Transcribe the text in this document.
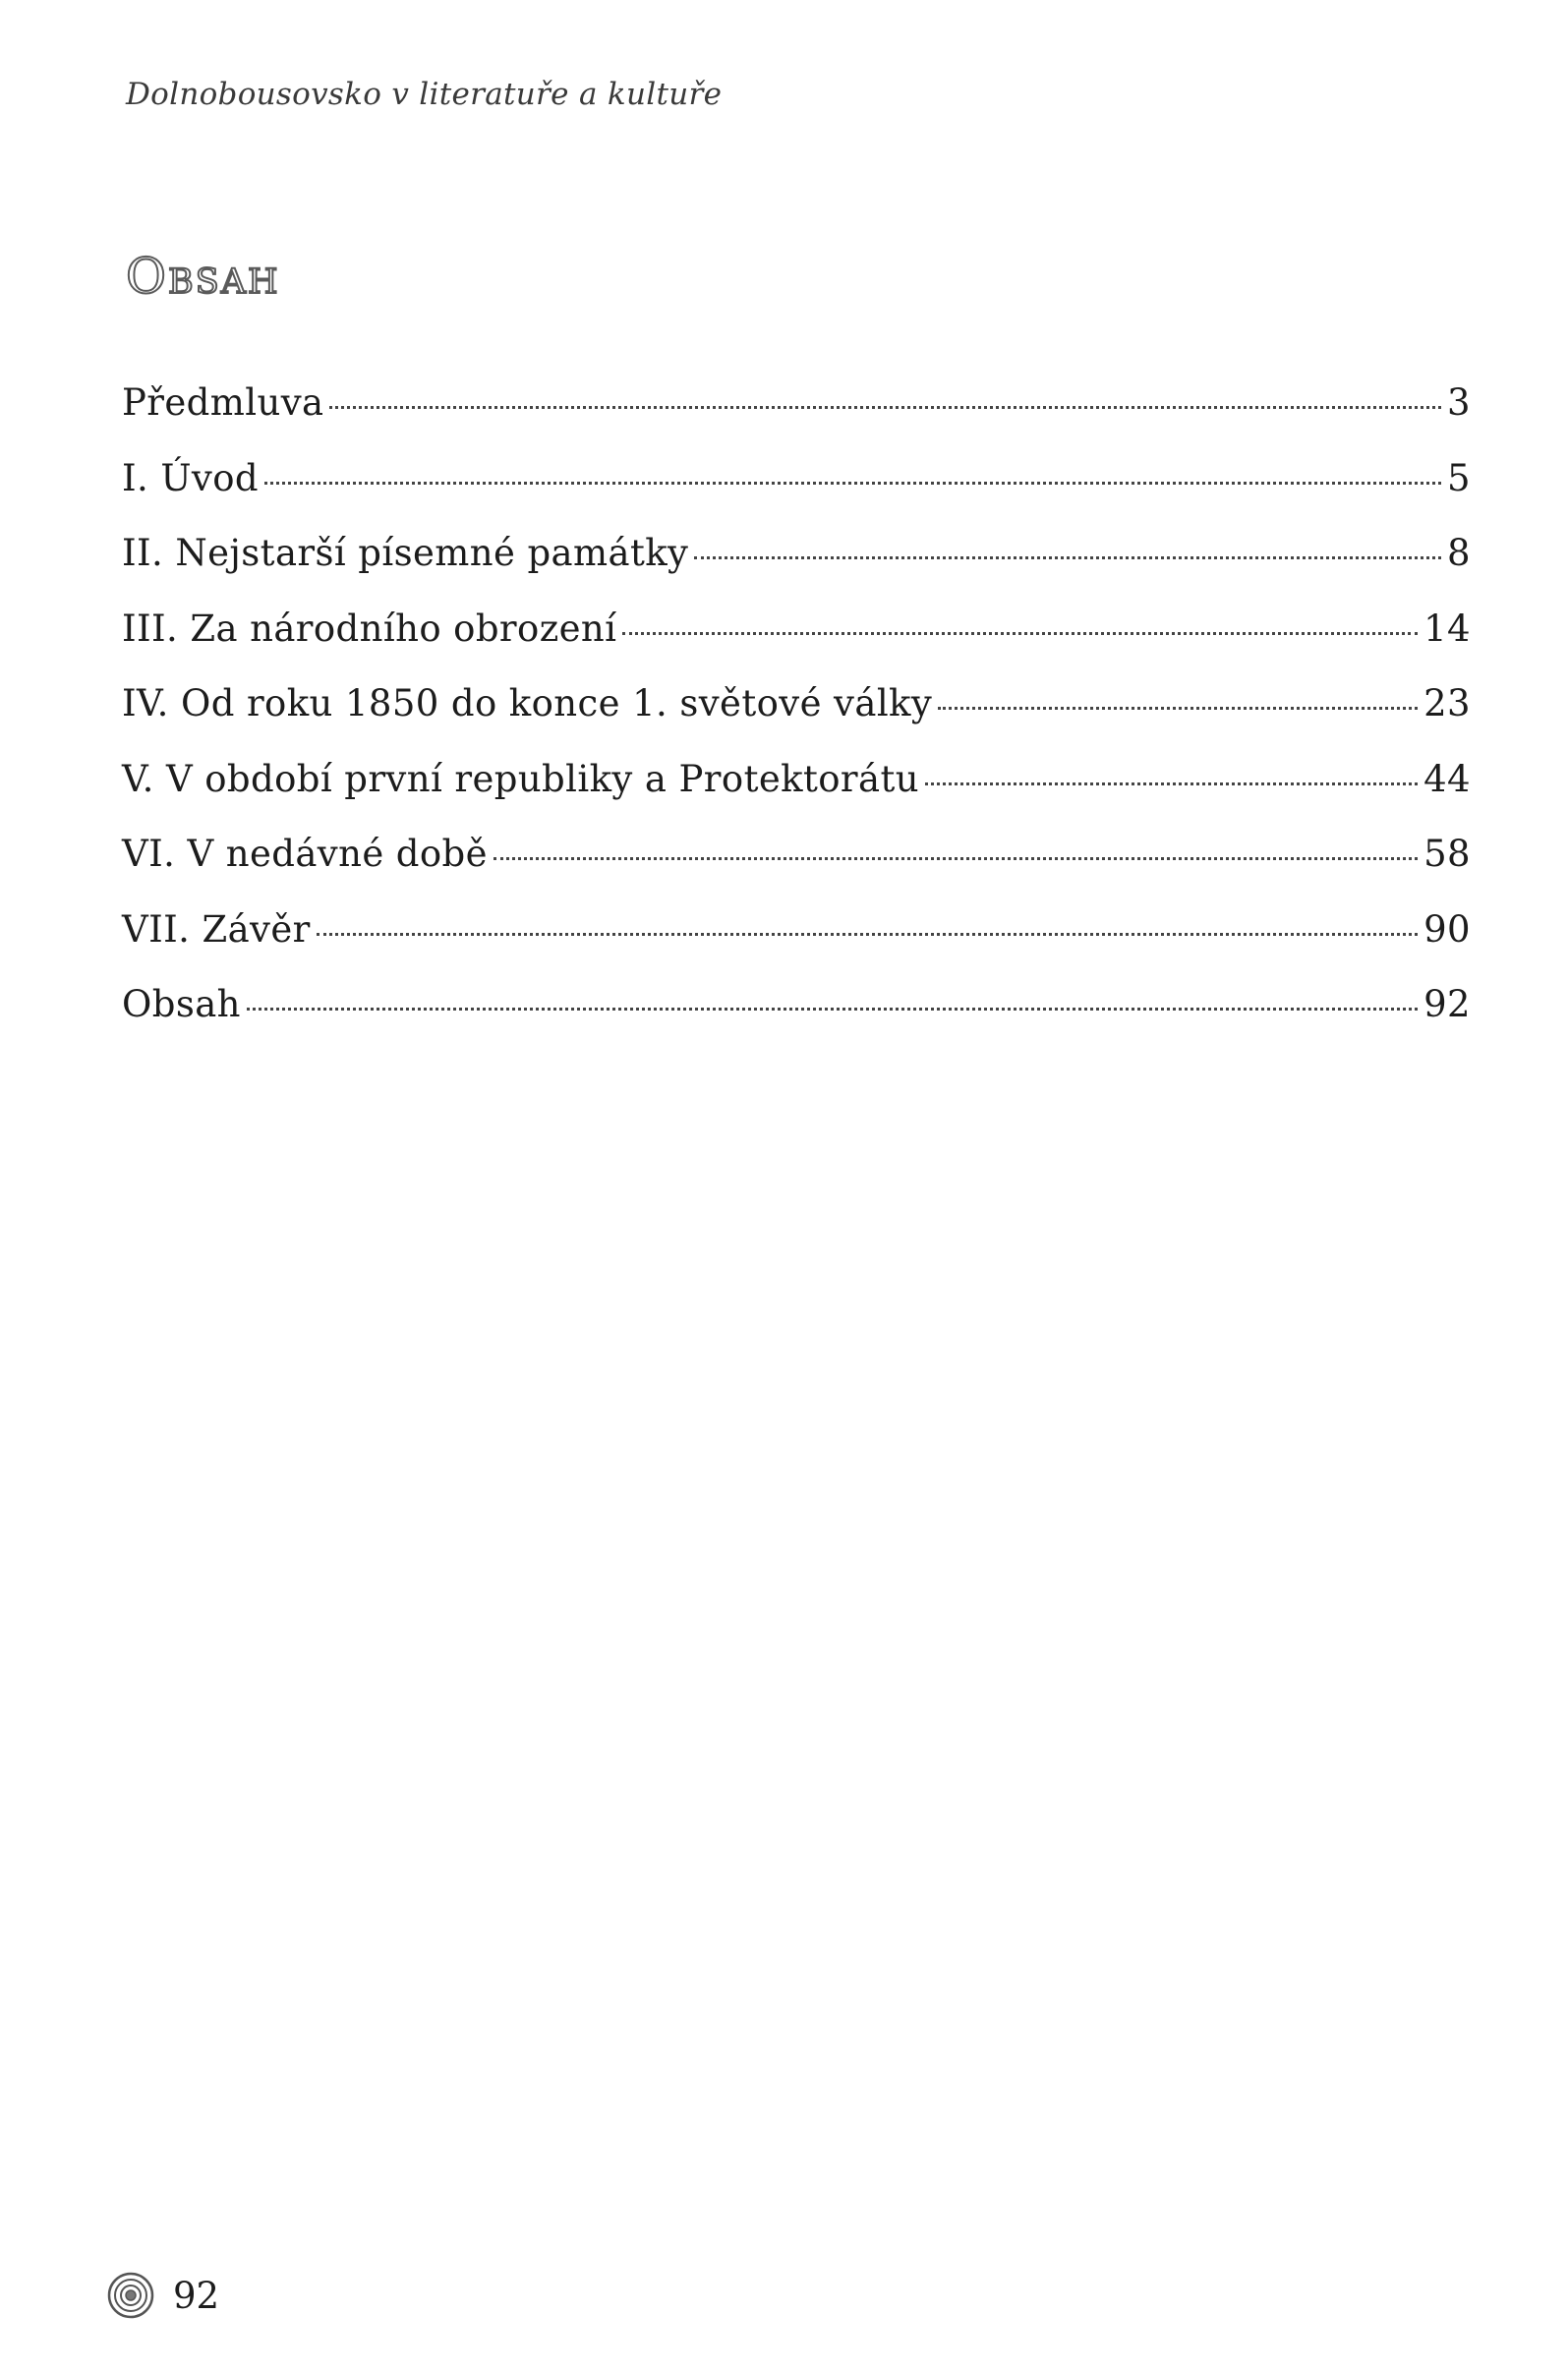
Dolnobousovsko v literatuře a kultuře
Obsah
Předmluva	3
I. Úvod	5
II. Nejstarší písemné památky	8
III. Za národního obrození	14
IV. Od roku 1850 do konce 1. světové války	23
V. V období první republiky a Protektorátu	44
VI. V nedávné době	58
VII. Závěr	90
Obsah	92
92
